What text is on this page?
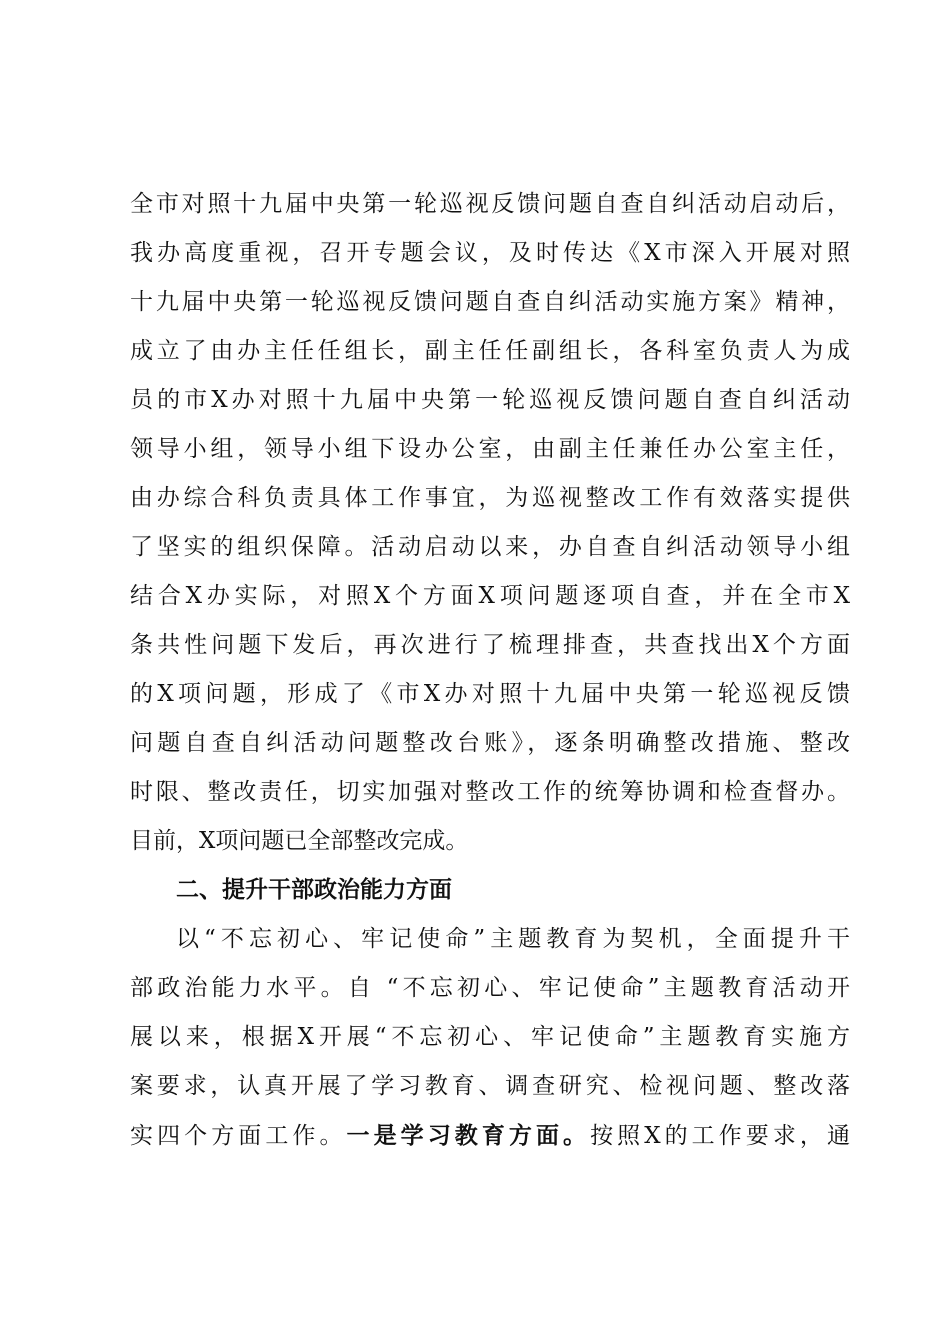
全市对照十九届中央第一轮巡视反馈问题自查自纠活动启动后，
我办高度重视，召开专题会议，及时传达《X市深入开展对照
十九届中央第一轮巡视反馈问题自查自纠活动实施方案》精神，
成立了由办主任任组长，副主任任副组长，各科室负责人为成
员的市X办对照十九届中央第一轮巡视反馈问题自查自纠活动
领导小组，领导小组下设办公室，由副主任兼任办公室主任，
由办综合科负责具体工作事宜，为巡视整改工作有效落实提供
了坚实的组织保障。活动启动以来，办自查自纠活动领导小组
结合X办实际，对照X个方面X项问题逐项自查，并在全市X
条共性问题下发后，再次进行了梳理排查，共查找出X个方面
的X项问题，形成了《市X办对照十九届中央第一轮巡视反馈
问题自查自纠活动问题整改台账》，逐条明确整改措施、整改
时限、整改责任，切实加强对整改工作的统筹协调和检查督办。
目前，X项问题已全部整改完成。
二、提升干部政治能力方面
以“不忘初心、牢记使命”主题教育为契机，全面提升干
部政治能力水平。自 “不忘初心、牢记使命”主题教育活动开
展以来，根据X开展“不忘初心、牢记使命”主题教育实施方
案要求，认真开展了学习教育、调查研究、检视问题、整改落
实四个方面工作。一是学习教育方面。按照X的工作要求，通
